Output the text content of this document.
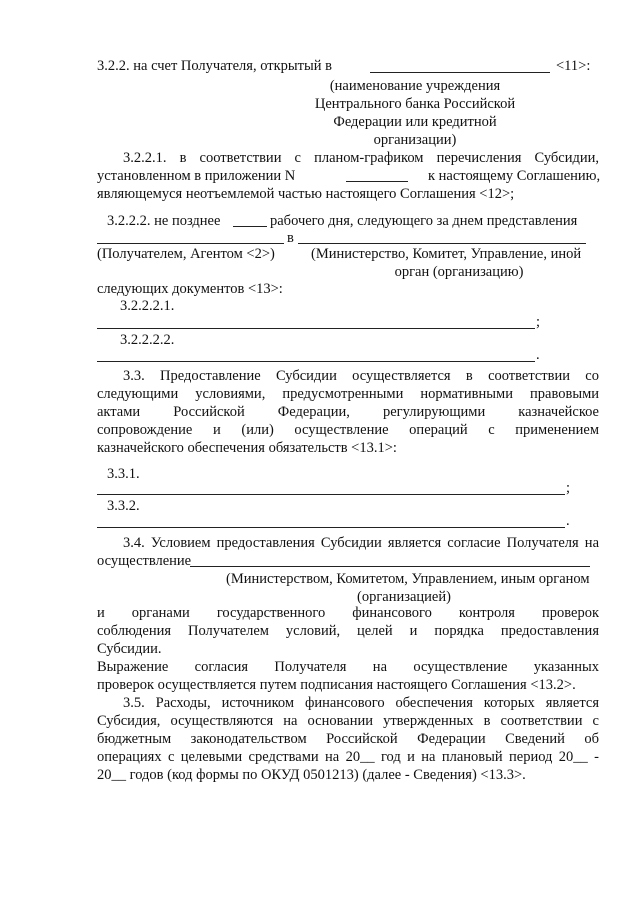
3.2.2. на счет Получателя, открытый в	<11>:
(наименование учреждения
Центрального банка Российской
Федерации или кредитной
организации)
3.2.2.1. в соответствии с планом-графиком перечисления Субсидии,
установленном в приложении N	к настоящему Соглашению,
являющемуся неотъемлемой частью настоящего Соглашения <12>;
3.2.2.2. не позднее	рабочего дня, следующего за днем представления
в
(Получателем, Агентом <2>) (Министерство, Комитет, Управление, иной
орган (организацию)
следующих документов <13>:
3.2.2.2.1.
;
3.2.2.2.2.
.
3.3. Предоставление Субсидии осуществляется в соответствии со
следующими условиями, предусмотренными нормативными правовыми
актами Российской Федерации, регулирующими казначейское
сопровождение и (или) осуществление операций с применением
казначейского обеспечения обязательств <13.1>:
3.3.1.
;
3.3.2.
.
3.4. Условием предоставления Субсидии является согласие Получателя на
осуществление
(Министерством, Комитетом, Управлением, иным органом
(организацией)
и органами государственного финансового контроля проверок
соблюдения Получателем условий, целей и порядка предоставления
Субсидии.
Выражение согласия Получателя на осуществление указанных
проверок осуществляется путем подписания настоящего Соглашения <13.2>.
3.5. Расходы, источником финансового обеспечения которых является
Субсидия, осуществляются на основании утвержденных в соответствии с
бюджетным законодательством Российской Федерации Сведений об
операциях с целевыми средствами на 20__ год и на плановый период 20__ -
20__ годов (код формы по ОКУД 0501213) (далее - Сведения) <13.3>.
